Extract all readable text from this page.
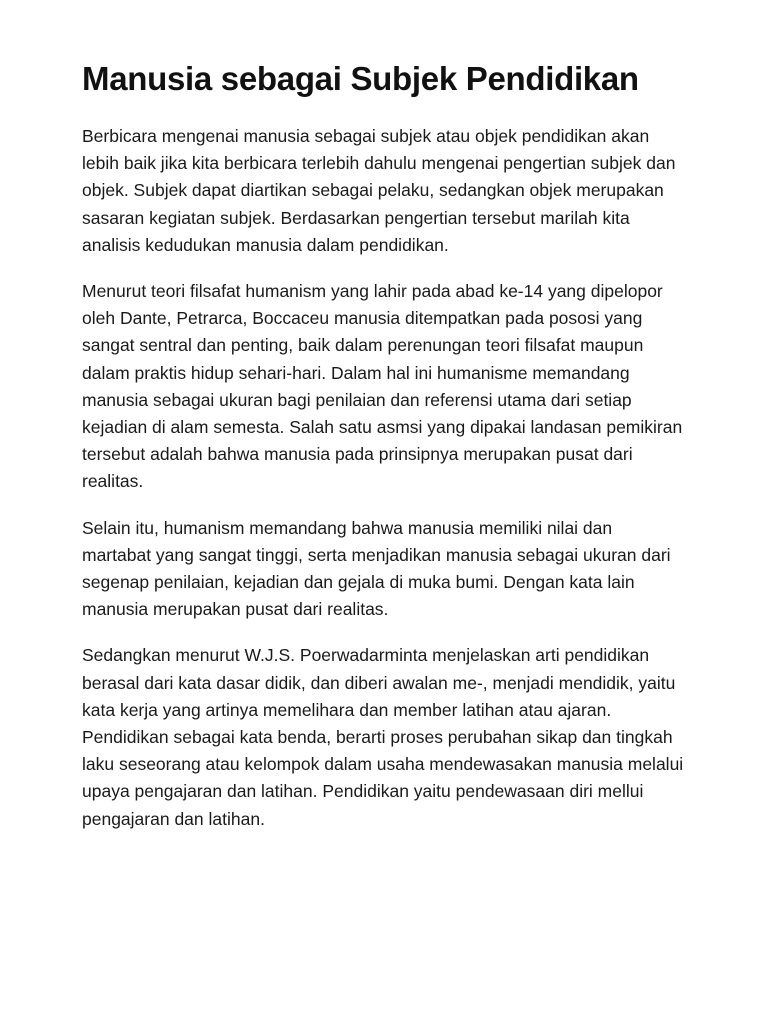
Manusia sebagai Subjek Pendidikan

Berbicara mengenai manusia sebagai subjek atau objek pendidikan akan lebih baik jika kita berbicara terlebih dahulu mengenai pengertian subjek dan objek. Subjek dapat diartikan sebagai pelaku, sedangkan objek merupakan sasaran kegiatan subjek. Berdasarkan pengertian tersebut marilah kita analisis kedudukan manusia dalam pendidikan.

Menurut teori filsafat humanism yang lahir pada abad ke-14 yang dipelopor oleh Dante, Petrarca, Boccaceu manusia ditempatkan pada pososi yang sangat sentral dan penting, baik dalam perenungan teori filsafat maupun dalam praktis hidup sehari-hari. Dalam hal ini humanisme memandang manusia sebagai ukuran bagi penilaian dan referensi utama dari setiap kejadian di alam semesta. Salah satu asmsi yang dipakai landasan pemikiran tersebut adalah bahwa manusia pada prinsipnya merupakan pusat dari realitas.

Selain itu, humanism memandang bahwa manusia memiliki nilai dan martabat yang sangat tinggi, serta menjadikan manusia sebagai ukuran dari segenap penilaian, kejadian dan gejala di muka bumi. Dengan kata lain manusia merupakan pusat dari realitas.

Sedangkan menurut W.J.S. Poerwadarminta menjelaskan arti pendidikan berasal dari kata dasar didik, dan diberi awalan me-, menjadi mendidik, yaitu kata kerja yang artinya memelihara dan member latihan atau ajaran. Pendidikan sebagai kata benda, berarti proses perubahan sikap dan tingkah laku seseorang atau kelompok dalam usaha mendewasakan manusia melalui upaya pengajaran dan latihan. Pendidikan yaitu pendewasaan diri mellui pengajaran dan latihan.
